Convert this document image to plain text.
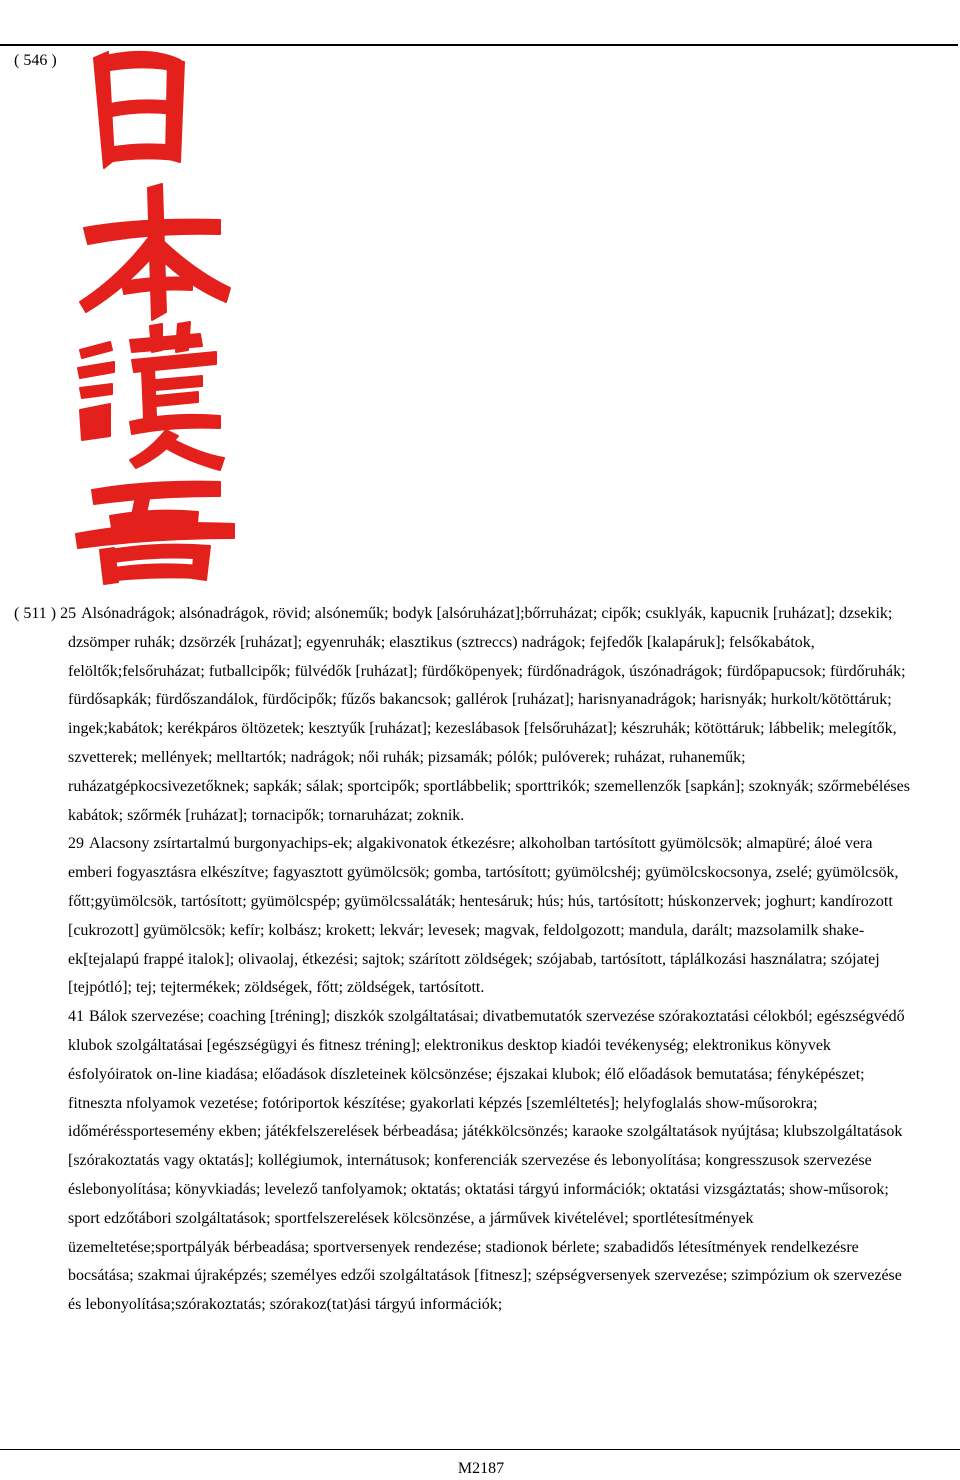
Szabadalmi Közlöny és Védjegyértesítő 118. évfolyam 19. szám, 2013.10.14.
Nemzeti lajstromozott védjegyek
( 546 )

( 511 ) 25 Alsónadrágok; alsónadrágok, rövid; alsóneműk; bodyk [alsóruházat];bőrruházat; cipők; csuklyák, kapucnik [ruházat]; dzsekik; dzsömper ruhák; dzsörzék [ruházat]; egyenruhák; elasztikus (sztreccs) nadrágok; fejfedők [kalapáruk]; felsőkabátok, felöltők;felsőruházat; futballcipők; fülvédők [ruházat]; fürdőköpenyek; fürdőnadrágok, úszónadrágok; fürdőpapucsok; fürdőruhák; fürdősapkák; fürdőszandálok, fürdőcipők; fűzős bakancsok; gallérok [ruházat]; harisnyanadrágok; harisnyák; hurkolt/kötöttáruk; ingek;kabátok; kerékpáros öltözetek; kesztyűk [ruházat]; kezeslábasok [felsőruházat]; készruhák; kötöttáruk; lábbelik; melegítők, szvetterek; mellények; melltartók; nadrágok; női ruhák; pizsamák; pólók; pulóverek; ruházat, ruhaneműk; ruházatgépkocsivezetőknek; sapkák; sálak; sportcipők; sportlábbelik; sporttrikók; szemellenzők [sapkán]; szoknyák; szőrmebéléses kabátok; szőrmék [ruházat]; tornacipők; tornaruházat; zoknik.

29 Alacsony zsírtartalmú burgonyachips-ek; algakivonatok étkezésre; alkoholban tartósított gyümölcsök; almapüré; áloé vera emberi fogyasztásra elkészítve; fagyasztott gyümölcsök; gomba, tartósított; gyümölcshéj; gyümölcskocsonya, zselé; gyümölcsök, főtt;gyümölcsök, tartósított; gyümölcspép; gyümölcssaláták; hentesáruk; hús; hús, tartósított; húskonzervek; joghurt; kandírozott [cukrozott] gyümölcsök; kefír; kolbász; krokett; lekvár; levesek; magvak, feldolgozott; mandula, darált; mazsolamilk shake-ek[tejalapú frappé italok]; olivaolaj, étkezési; sajtok; szárított zöldségek; szójabab, tartósított, táplálkozási használatra; szójatej [tejpótló]; tej; tejtermékek; zöldségek, főtt; zöldségek, tartósított.

41 Bálok szervezése; coaching [tréning]; diszkók szolgáltatásai; divatbemutatók szervezése szórakoztatási célokból; egészségvédő klubok szolgáltatásai [egészségügyi és fitnesz tréning]; elektronikus desktop kiadói tevékenység; elektronikus könyvek ésfolyóiratok on-line kiadása; előadások díszleteinek kölcsönzése; éjszakai klubok; élő előadások bemutatása; fényképészet; fitneszta nfolyamok vezetése; fotóriportok készítése; gyakorlati képzés [szemléltetés]; helyfoglalás show-műsorokra; időméréssportesemény ekben; játékfelszerelések bérbeadása; játékkölcsönzés; karaoke szolgáltatások nyújtása; klubszolgáltatások [szórakoztatás vagy oktatás]; kollégiumok, internátusok; konferenciák szervezése és lebonyolítása; kongresszusok szervezése éslebonyolítása; könyvkiadás; levelező tanfolyamok; oktatás; oktatási tárgyú információk; oktatási vizsgáztatás; show-műsorok; sport edzőtábori szolgáltatások; sportfelszerelések kölcsönzése, a járművek kivételével; sportlétesítmények üzemeltetése;sportpályák bérbeadása; sportversenyek rendezése; stadionok bérlete; szabadidős létesítmények rendelkezésre bocsátása; szakmai újraképzés; személyes edzői szolgáltatások [fitnesz]; szépségversenyek szervezése; szimpózium ok szervezése és lebonyolítása;szórakoztatás; szórakoz(tat)ási tárgyú információk;

M2187
